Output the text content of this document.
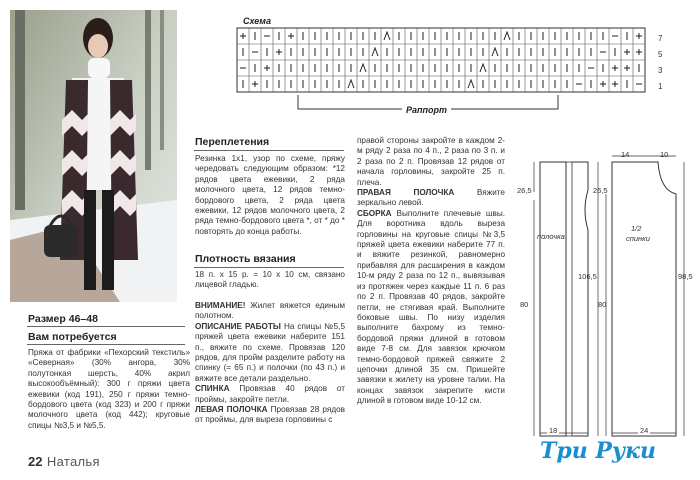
Схема
7
5
3
1
Раппорт
Размер 46–48
Вам потребуется
Пряжа от фабрики «Пехорский текстиль» «Северная» (30% ангора, 30% полутонкая шерсть, 40% акрил высокообъёмный): 300 г пряжи цвета ежевики (код 191), 250 г пряжи темно-бордового цвета (код 323) и 200 г пряжи молочного цвета (код 442); круговые спицы №3,5 и №5,5.
Переплетения
Резинка 1х1, узор по схеме, пряжу чередовать следующим образом: *12 рядов цвета ежевики, 2 ряда молочного цвета, 12 рядов темно-бордового цвета, 2 ряда цвета ежевики, 12 рядов молочного цвета, 2 ряда темно-бордового цвета *, от * до * повторять до конца работы.
Плотность вязания
18 п. х 15 р. = 10 х 10 см, связано лицевой гладью.

ВНИМАНИЕ! Жилет вяжется единым полотном.

ОПИСАНИЕ РАБОТЫ На спицы №5,5 пряжей цвета ежевики наберите 151 п., вяжите по схеме. Провязав 120 рядов, для пройм разделите работу на спинку (= 65 п.) и полочки (по 43 п.) и вяжите все детали раздельно.

СПИНКА Провязав 40 рядов от проймы, закройте петли.

ЛЕВАЯ ПОЛОЧКА Провязав 28 рядов от проймы, для выреза горловины с

правой стороны закройте в каждом 2-м ряду 2 раза по 4 п., 2 раза по 3 п. и 2 раза по 2 п. Провязав 12 рядов от начала горловины, закройте 25 п. плеча.

ПРАВАЯ ПОЛОЧКА Вяжите зеркально левой.

СБОРКА Выполните плечевые швы. Для воротника вдоль выреза горловины на круговые спицы №3,5 пряжей цвета ежевики наберите 77 п. и вяжите резинкой, равномерно прибавляя для расширения в каждом 10-м ряду 2 раза по 12 п., вывязывая из протяжек через каждые 11 п. 6 раз по 2 п. Провязав 40 рядов, закройте петли, не стягивая край. Выполните боковые швы. По низу изделия выполните бахрому из темно-бордовой пряжи длиной в готовом виде 7-8 см. Для завязок крючком темно-бордовой пряжей свяжите 2 цепочки длиной 35 см. Пришейте завязки к жилету на уровне талии. На концах завязок закрепите кисти длиной в готовом виде 10-12 см.

14	10
26,5	26,5
80
106,5
80
98,5
18	24
полочка
1/2
спинки
22 Наталья	Три Руки
